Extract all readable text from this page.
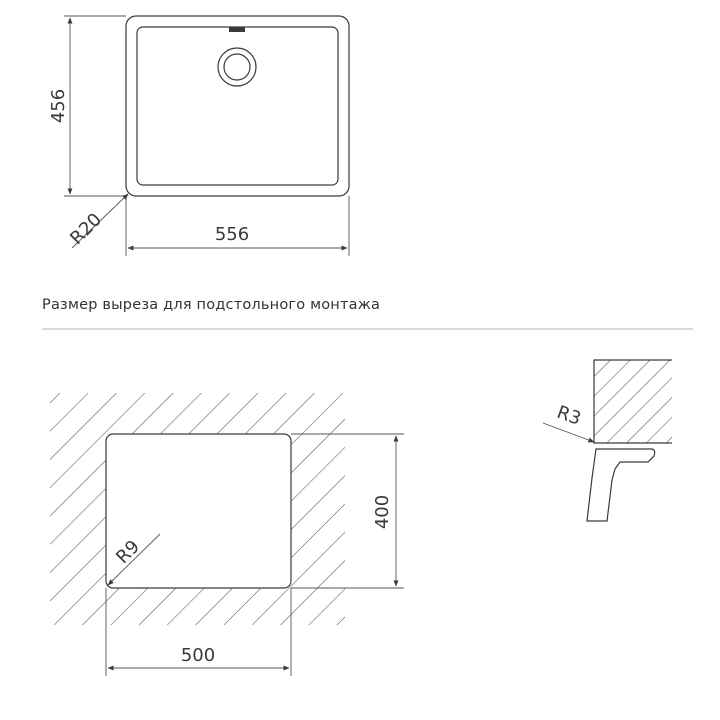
456
556
R20
Размер выреза для подстольного монтажа
400
500
R9
R3
